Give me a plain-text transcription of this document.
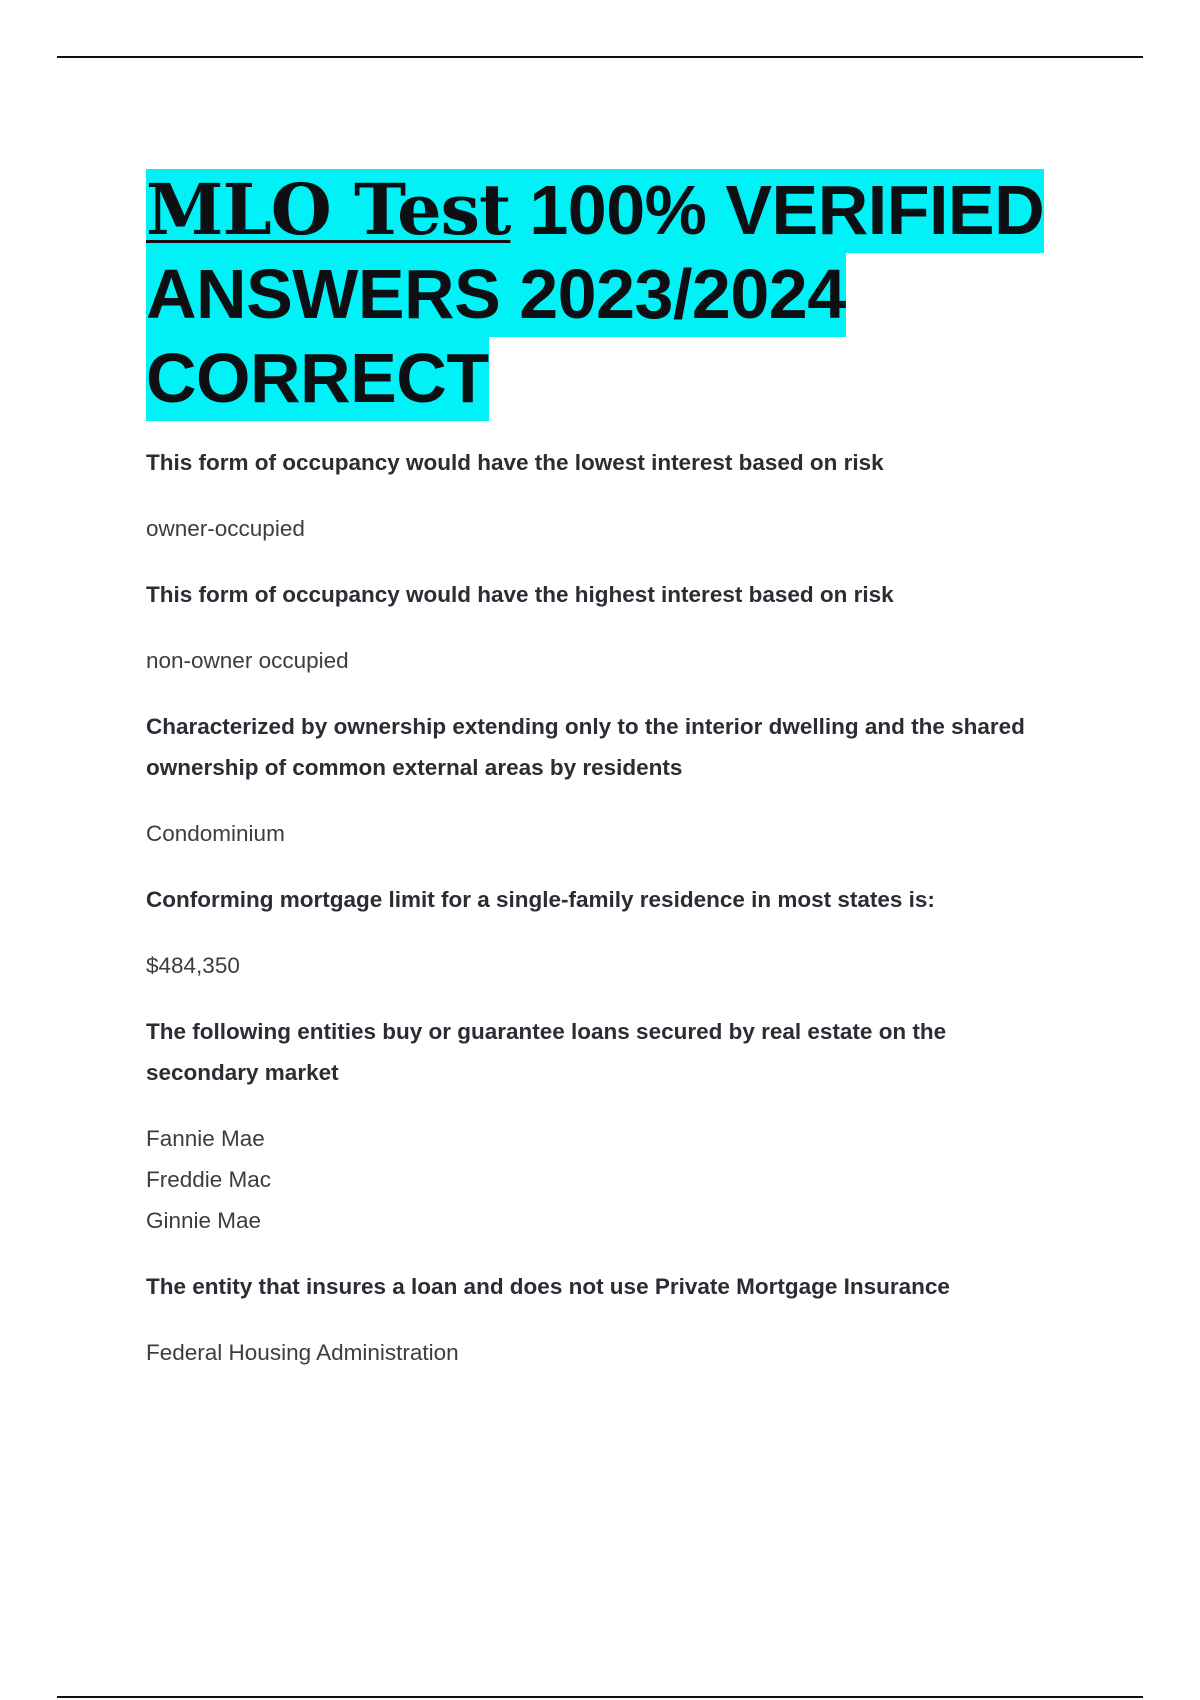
MLO Test 100% VERIFIED ANSWERS 2023/2024 CORRECT

This form of occupancy would have the lowest interest based on risk

owner-occupied

This form of occupancy would have the highest interest based on risk

non-owner occupied

Characterized by ownership extending only to the interior dwelling and the shared ownership of common external areas by residents

Condominium

Conforming mortgage limit for a single-family residence in most states is:

$484,350

The following entities buy or guarantee loans secured by real estate on the secondary market

Fannie Mae

Freddie Mac

Ginnie Mae

The entity that insures a loan and does not use Private Mortgage Insurance

Federal Housing Administration
